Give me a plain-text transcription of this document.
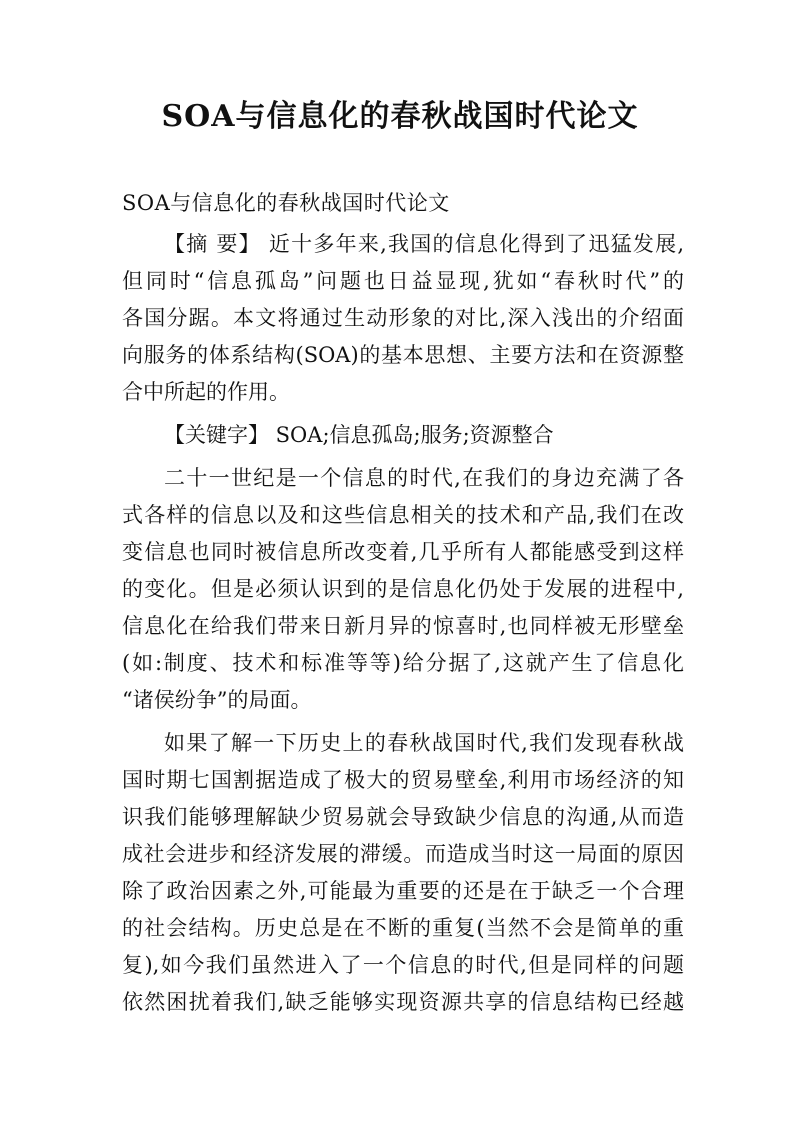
SOA与信息化的春秋战国时代论文
SOA与信息化的春秋战国时代论文
【摘 要】 近十多年来,我国的信息化得到了迅猛发展,
但同时“信息孤岛”问题也日益显现,犹如“春秋时代”的
各国分踞。本文将通过生动形象的对比,深入浅出的介绍面
向服务的体系结构(SOA)的基本思想、主要方法和在资源整
合中所起的作用。
【关键字】 SOA;信息孤岛;服务;资源整合
二十一世纪是一个信息的时代,在我们的身边充满了各
式各样的信息以及和这些信息相关的技术和产品,我们在改
变信息也同时被信息所改变着,几乎所有人都能感受到这样
的变化。但是必须认识到的是信息化仍处于发展的进程中,
信息化在给我们带来日新月异的惊喜时,也同样被无形壁垒
(如:制度、技术和标准等等)给分据了,这就产生了信息化
“诸侯纷争”的局面。
如果了解一下历史上的春秋战国时代,我们发现春秋战
国时期七国割据造成了极大的贸易壁垒,利用市场经济的知
识我们能够理解缺少贸易就会导致缺少信息的沟通,从而造
成社会进步和经济发展的滞缓。而造成当时这一局面的原因
除了政治因素之外,可能最为重要的还是在于缺乏一个合理
的社会结构。历史总是在不断的重复(当然不会是简单的重
复),如今我们虽然进入了一个信息的时代,但是同样的问题
依然困扰着我们,缺乏能够实现资源共享的信息结构已经越
